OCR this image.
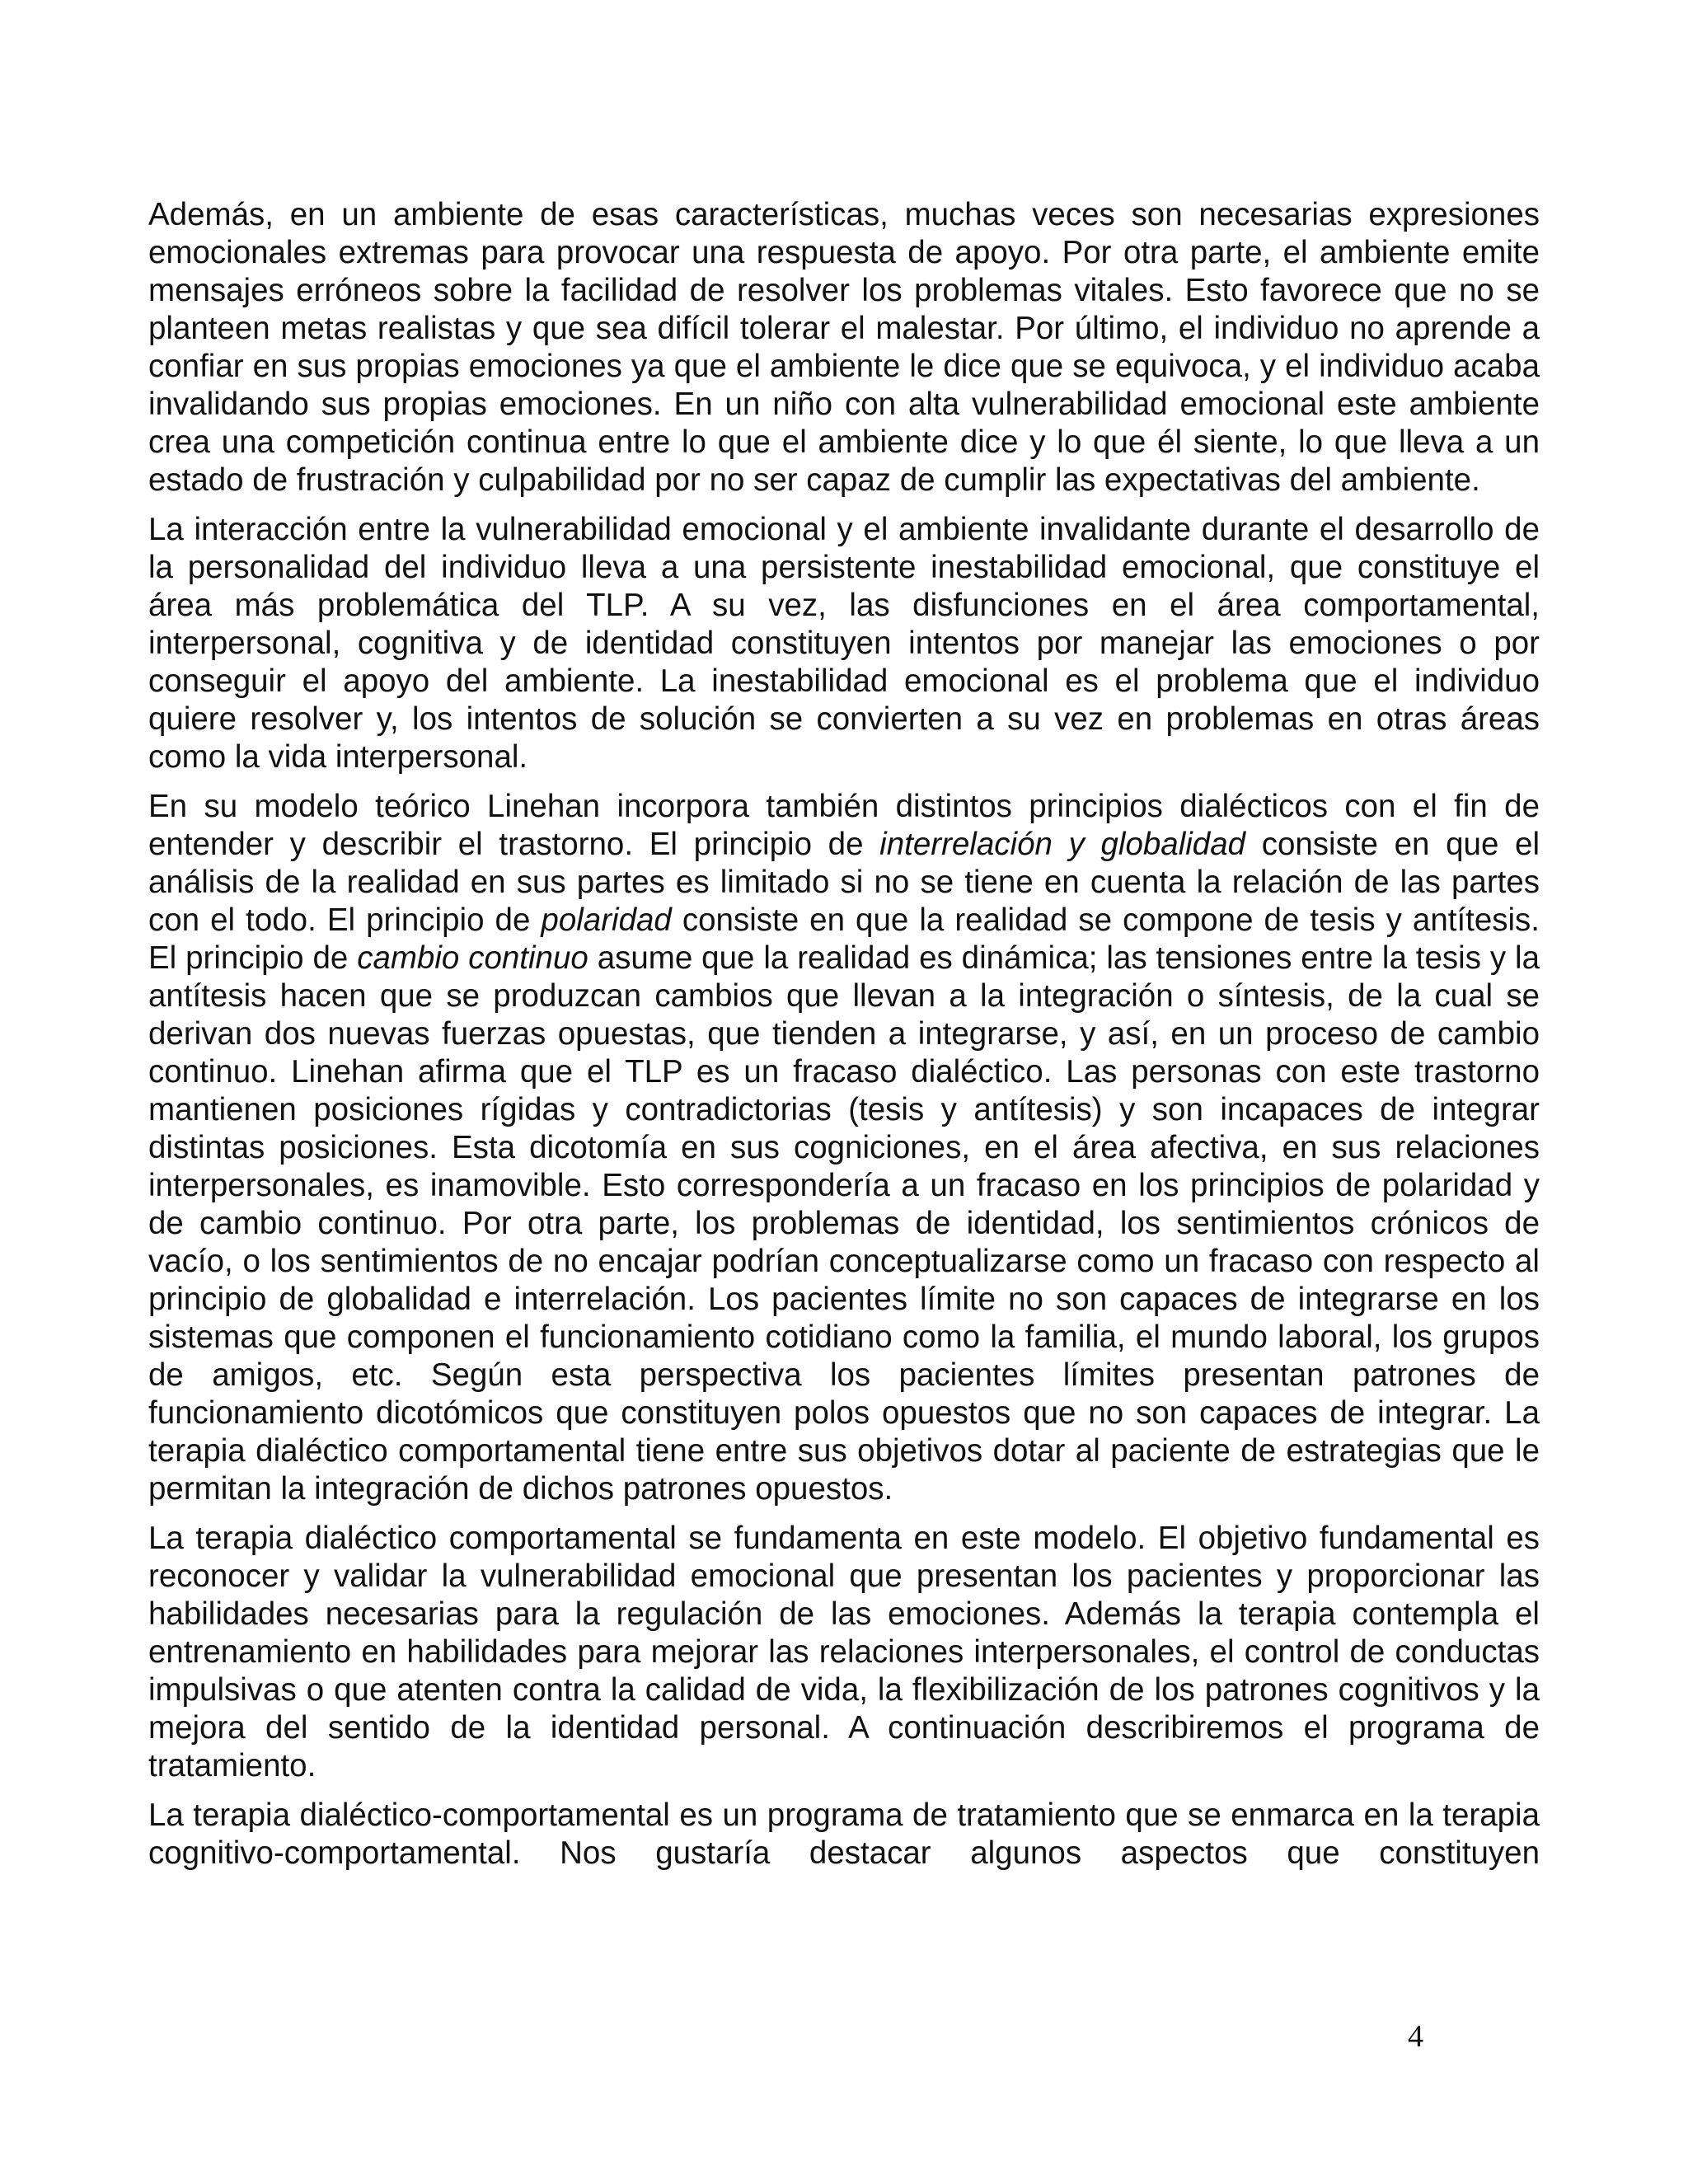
Además, en un ambiente de esas características, muchas veces son necesarias expresiones emocionales extremas para provocar una respuesta de apoyo. Por otra parte, el ambiente emite mensajes erróneos sobre la facilidad de resolver los problemas vitales. Esto favorece que no se planteen metas realistas y que sea difícil tolerar el malestar. Por último, el individuo no aprende a confiar en sus propias emociones ya que el ambiente le dice que se equivoca, y el individuo acaba invalidando sus propias emociones. En un niño con alta vulnerabilidad emocional este ambiente crea una competición continua entre lo que el ambiente dice y lo que él siente, lo que lleva a un estado de frustración y culpabilidad por no ser capaz de cumplir las expectativas del ambiente.

La interacción entre la vulnerabilidad emocional y el ambiente invalidante durante el desarrollo de la personalidad del individuo lleva a una persistente inestabilidad emocional, que constituye el área más problemática del TLP. A su vez, las disfunciones en el área comportamental, interpersonal, cognitiva y de identidad constituyen intentos por manejar las emociones o por conseguir el apoyo del ambiente. La inestabilidad emocional es el problema que el individuo quiere resolver y, los intentos de solución se convierten a su vez en problemas en otras áreas como la vida interpersonal.

En su modelo teórico Linehan incorpora también distintos principios dialécticos con el fin de entender y describir el trastorno. El principio de interrelación y globalidad consiste en que el análisis de la realidad en sus partes es limitado si no se tiene en cuenta la relación de las partes con el todo. El principio de polaridad consiste en que la realidad se compone de tesis y antítesis. El principio de cambio continuo asume que la realidad es dinámica; las tensiones entre la tesis y la antítesis hacen que se produzcan cambios que llevan a la integración o síntesis, de la cual se derivan dos nuevas fuerzas opuestas, que tienden a integrarse, y así, en un proceso de cambio continuo. Linehan afirma que el TLP es un fracaso dialéctico. Las personas con este trastorno mantienen posiciones rígidas y contradictorias (tesis y antítesis) y son incapaces de integrar distintas posiciones. Esta dicotomía en sus cogniciones, en el área afectiva, en sus relaciones interpersonales, es inamovible. Esto correspondería a un fracaso en los principios de polaridad y de cambio continuo. Por otra parte, los problemas de identidad, los sentimientos crónicos de vacío, o los sentimientos de no encajar podrían conceptualizarse como un fracaso con respecto al principio de globalidad e interrelación. Los pacientes límite no son capaces de integrarse en los sistemas que componen el funcionamiento cotidiano como la familia, el mundo laboral, los grupos de amigos, etc. Según esta perspectiva los pacientes límites presentan patrones de funcionamiento dicotómicos que constituyen polos opuestos que no son capaces de integrar. La terapia dialéctico comportamental tiene entre sus objetivos dotar al paciente de estrategias que le permitan la integración de dichos patrones opuestos.

La terapia dialéctico comportamental se fundamenta en este modelo. El objetivo fundamental es reconocer y validar la vulnerabilidad emocional que presentan los pacientes y proporcionar las habilidades necesarias para la regulación de las emociones. Además la terapia contempla el entrenamiento en habilidades para mejorar las relaciones interpersonales, el control de conductas impulsivas o que atenten contra la calidad de vida, la flexibilización de los patrones cognitivos y la mejora del sentido de la identidad personal. A continuación describiremos el programa de tratamiento.

La terapia dialéctico-comportamental es un programa de tratamiento que se enmarca en la terapia cognitivo-comportamental. Nos gustaría destacar algunos aspectos que constituyen

4
